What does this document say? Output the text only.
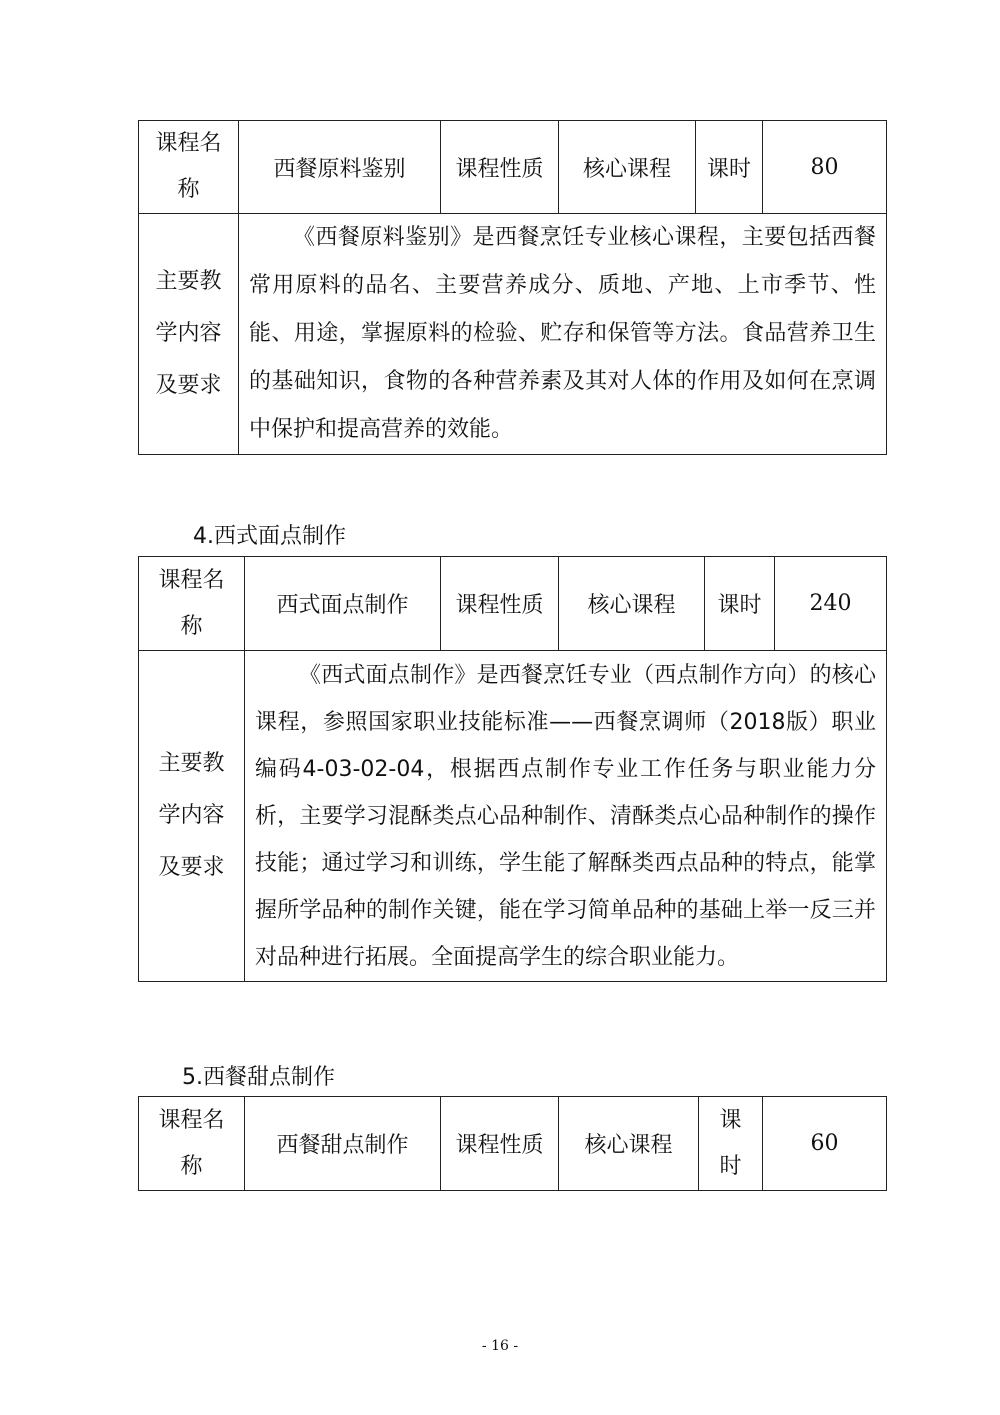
课程名称	西餐原料鉴别	课程性质	核心课程	课时	80
主要教学内容及要求	《西餐原料鉴别》是西餐烹饪专业核心课程，主要包括西餐常用原料的品名、主要营养成分、质地、产地、上市季节、性能、用途，掌握原料的检验、贮存和保管等方法。食品营养卫生的基础知识，食物的各种营养素及其对人体的作用及如何在烹调中保护和提高营养的效能。				
4.西式面点制作
课程名称	西式面点制作	课程性质	核心课程	课时	240
主要教学内容及要求	《西式面点制作》是西餐烹饪专业（西点制作方向）的核心课程，参照国家职业技能标准——西餐烹调师（2018版）职业编码4-03-02-04，根据西点制作专业工作任务与职业能力分析，主要学习混酥类点心品种制作、清酥类点心品种制作的操作技能；通过学习和训练，学生能了解酥类西点品种的特点，能掌握所学品种的制作关键，能在学习简单品种的基础上举一反三并对品种进行拓展。全面提高学生的综合职业能力。				
5.西餐甜点制作
课程名称	西餐甜点制作	课程性质	核心课程	课时	60
- 16 -
